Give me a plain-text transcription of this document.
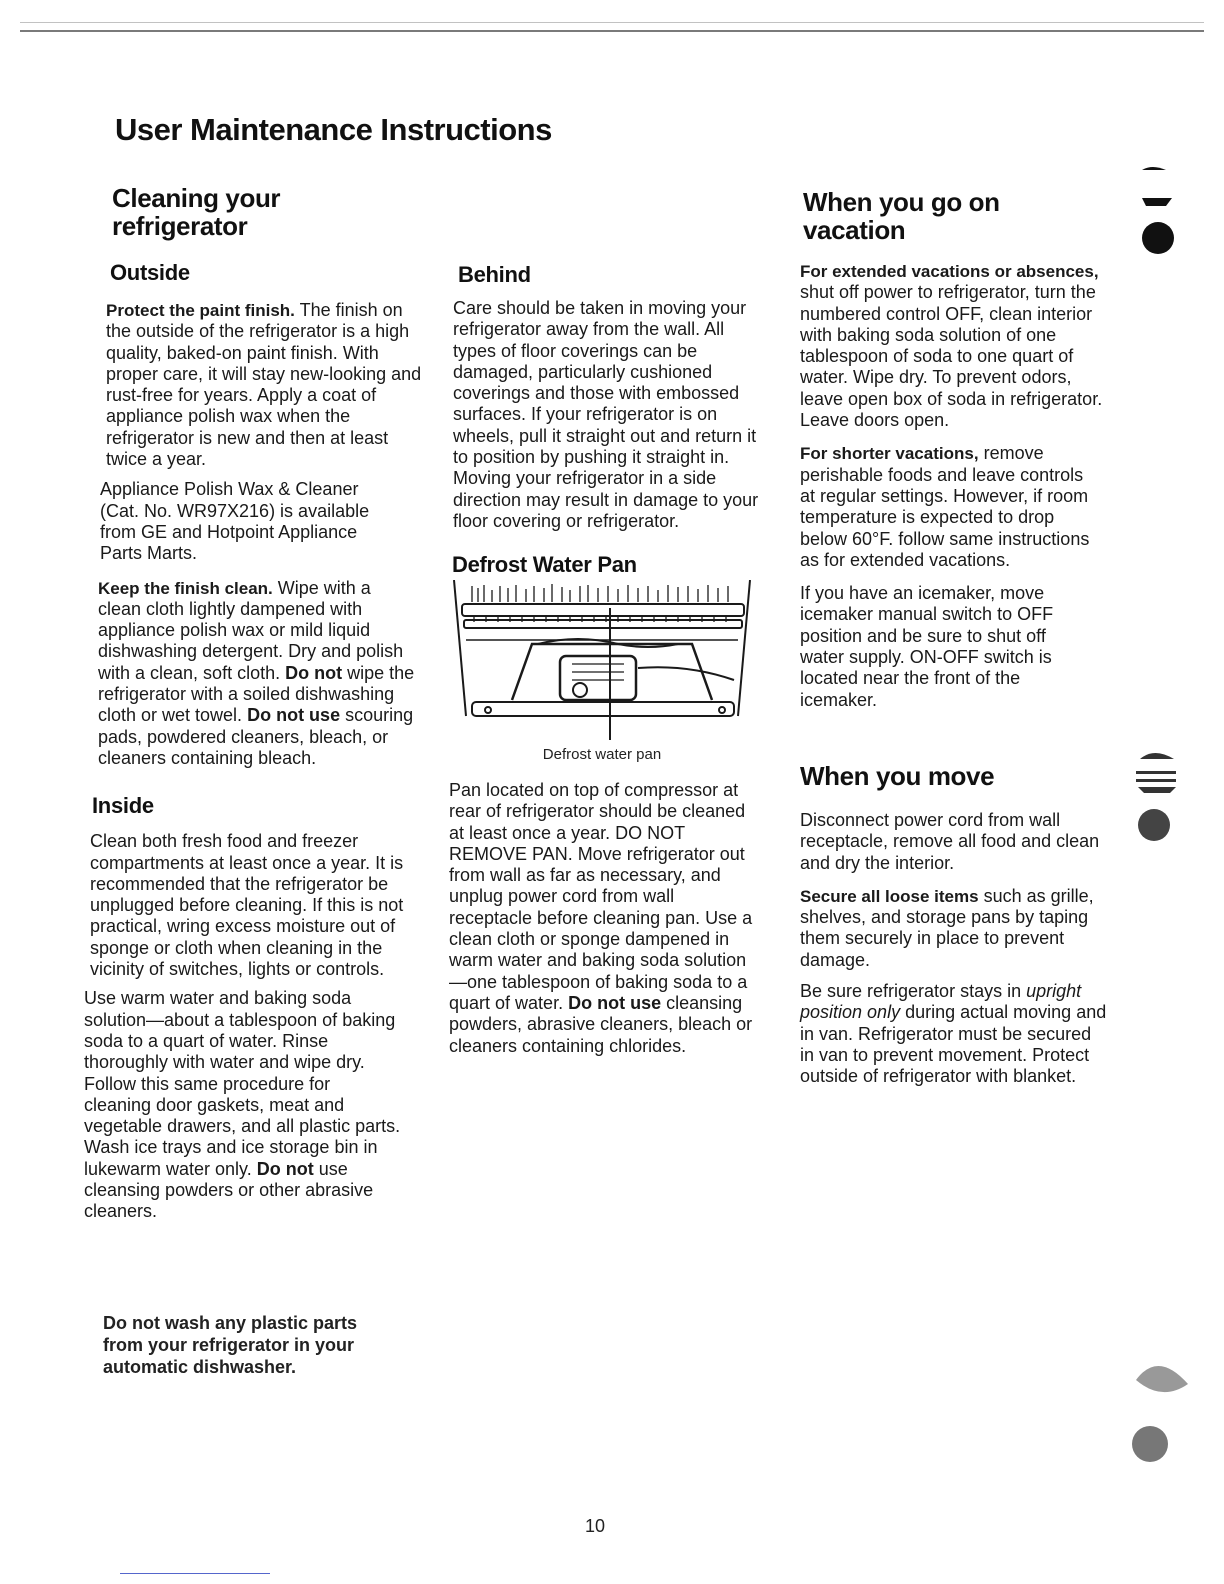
User Maintenance Instructions
Cleaning your refrigerator
Outside

Protect the paint finish. The finish on the outside of the refrigerator is a high quality, baked-on paint finish. With proper care, it will stay new-looking and rust-free for years. Apply a coat of appliance polish wax when the refrigerator is new and then at least twice a year.

Appliance Polish Wax & Cleaner (Cat. No. WR97X216) is available from GE and Hotpoint Appliance Parts Marts.

Keep the finish clean. Wipe with a clean cloth lightly dampened with appliance polish wax or mild liquid dishwashing detergent. Dry and polish with a clean, soft cloth. Do not wipe the refrigerator with a soiled dishwashing cloth or wet towel. Do not use scouring pads, powdered cleaners, bleach, or cleaners containing bleach.

Inside

Clean both fresh food and freezer compartments at least once a year. It is recommended that the refrigerator be unplugged before cleaning. If this is not practical, wring excess moisture out of sponge or cloth when cleaning in the vicinity of switches, lights or controls.

Use warm water and baking soda solution—about a tablespoon of baking soda to a quart of water. Rinse thoroughly with water and wipe dry. Follow this same procedure for cleaning door gaskets, meat and vegetable drawers, and all plastic parts. Wash ice trays and ice storage bin in lukewarm water only. Do not use cleansing powders or other abrasive cleaners.

Do not wash any plastic parts from your refrigerator in your automatic dishwasher.

Behind

Care should be taken in moving your refrigerator away from the wall. All types of floor coverings can be damaged, particularly cushioned coverings and those with embossed surfaces. If your refrigerator is on wheels, pull it straight out and return it to position by pushing it straight in. Moving your refrigerator in a side direction may result in damage to your floor covering or refrigerator.

Defrost Water Pan
Defrost water pan

Pan located on top of compressor at rear of refrigerator should be cleaned at least once a year. DO NOT REMOVE PAN. Move refrigerator out from wall as far as necessary, and unplug power cord from wall receptacle before cleaning pan. Use a clean cloth or sponge dampened in warm water and baking soda solution—one tablespoon of baking soda to a quart of water. Do not use cleansing powders, abrasive cleaners, bleach or cleaners containing chlorides.

When you go on vacation

For extended vacations or absences, shut off power to refrigerator, turn the numbered control OFF, clean interior with baking soda solution of one tablespoon of soda to one quart of water. Wipe dry. To prevent odors, leave open box of soda in refrigerator. Leave doors open.

For shorter vacations, remove perishable foods and leave controls at regular settings. However, if room temperature is expected to drop below 60°F. follow same instructions as for extended vacations.

If you have an icemaker, move icemaker manual switch to OFF position and be sure to shut off water supply. ON-OFF switch is located near the front of the icemaker.

When you move

Disconnect power cord from wall receptacle, remove all food and clean and dry the interior.

Secure all loose items such as grille, shelves, and storage pans by taping them securely in place to prevent damage.

Be sure refrigerator stays in upright position only during actual moving and in van. Refrigerator must be secured in van to prevent movement. Protect outside of refrigerator with blanket.

10
